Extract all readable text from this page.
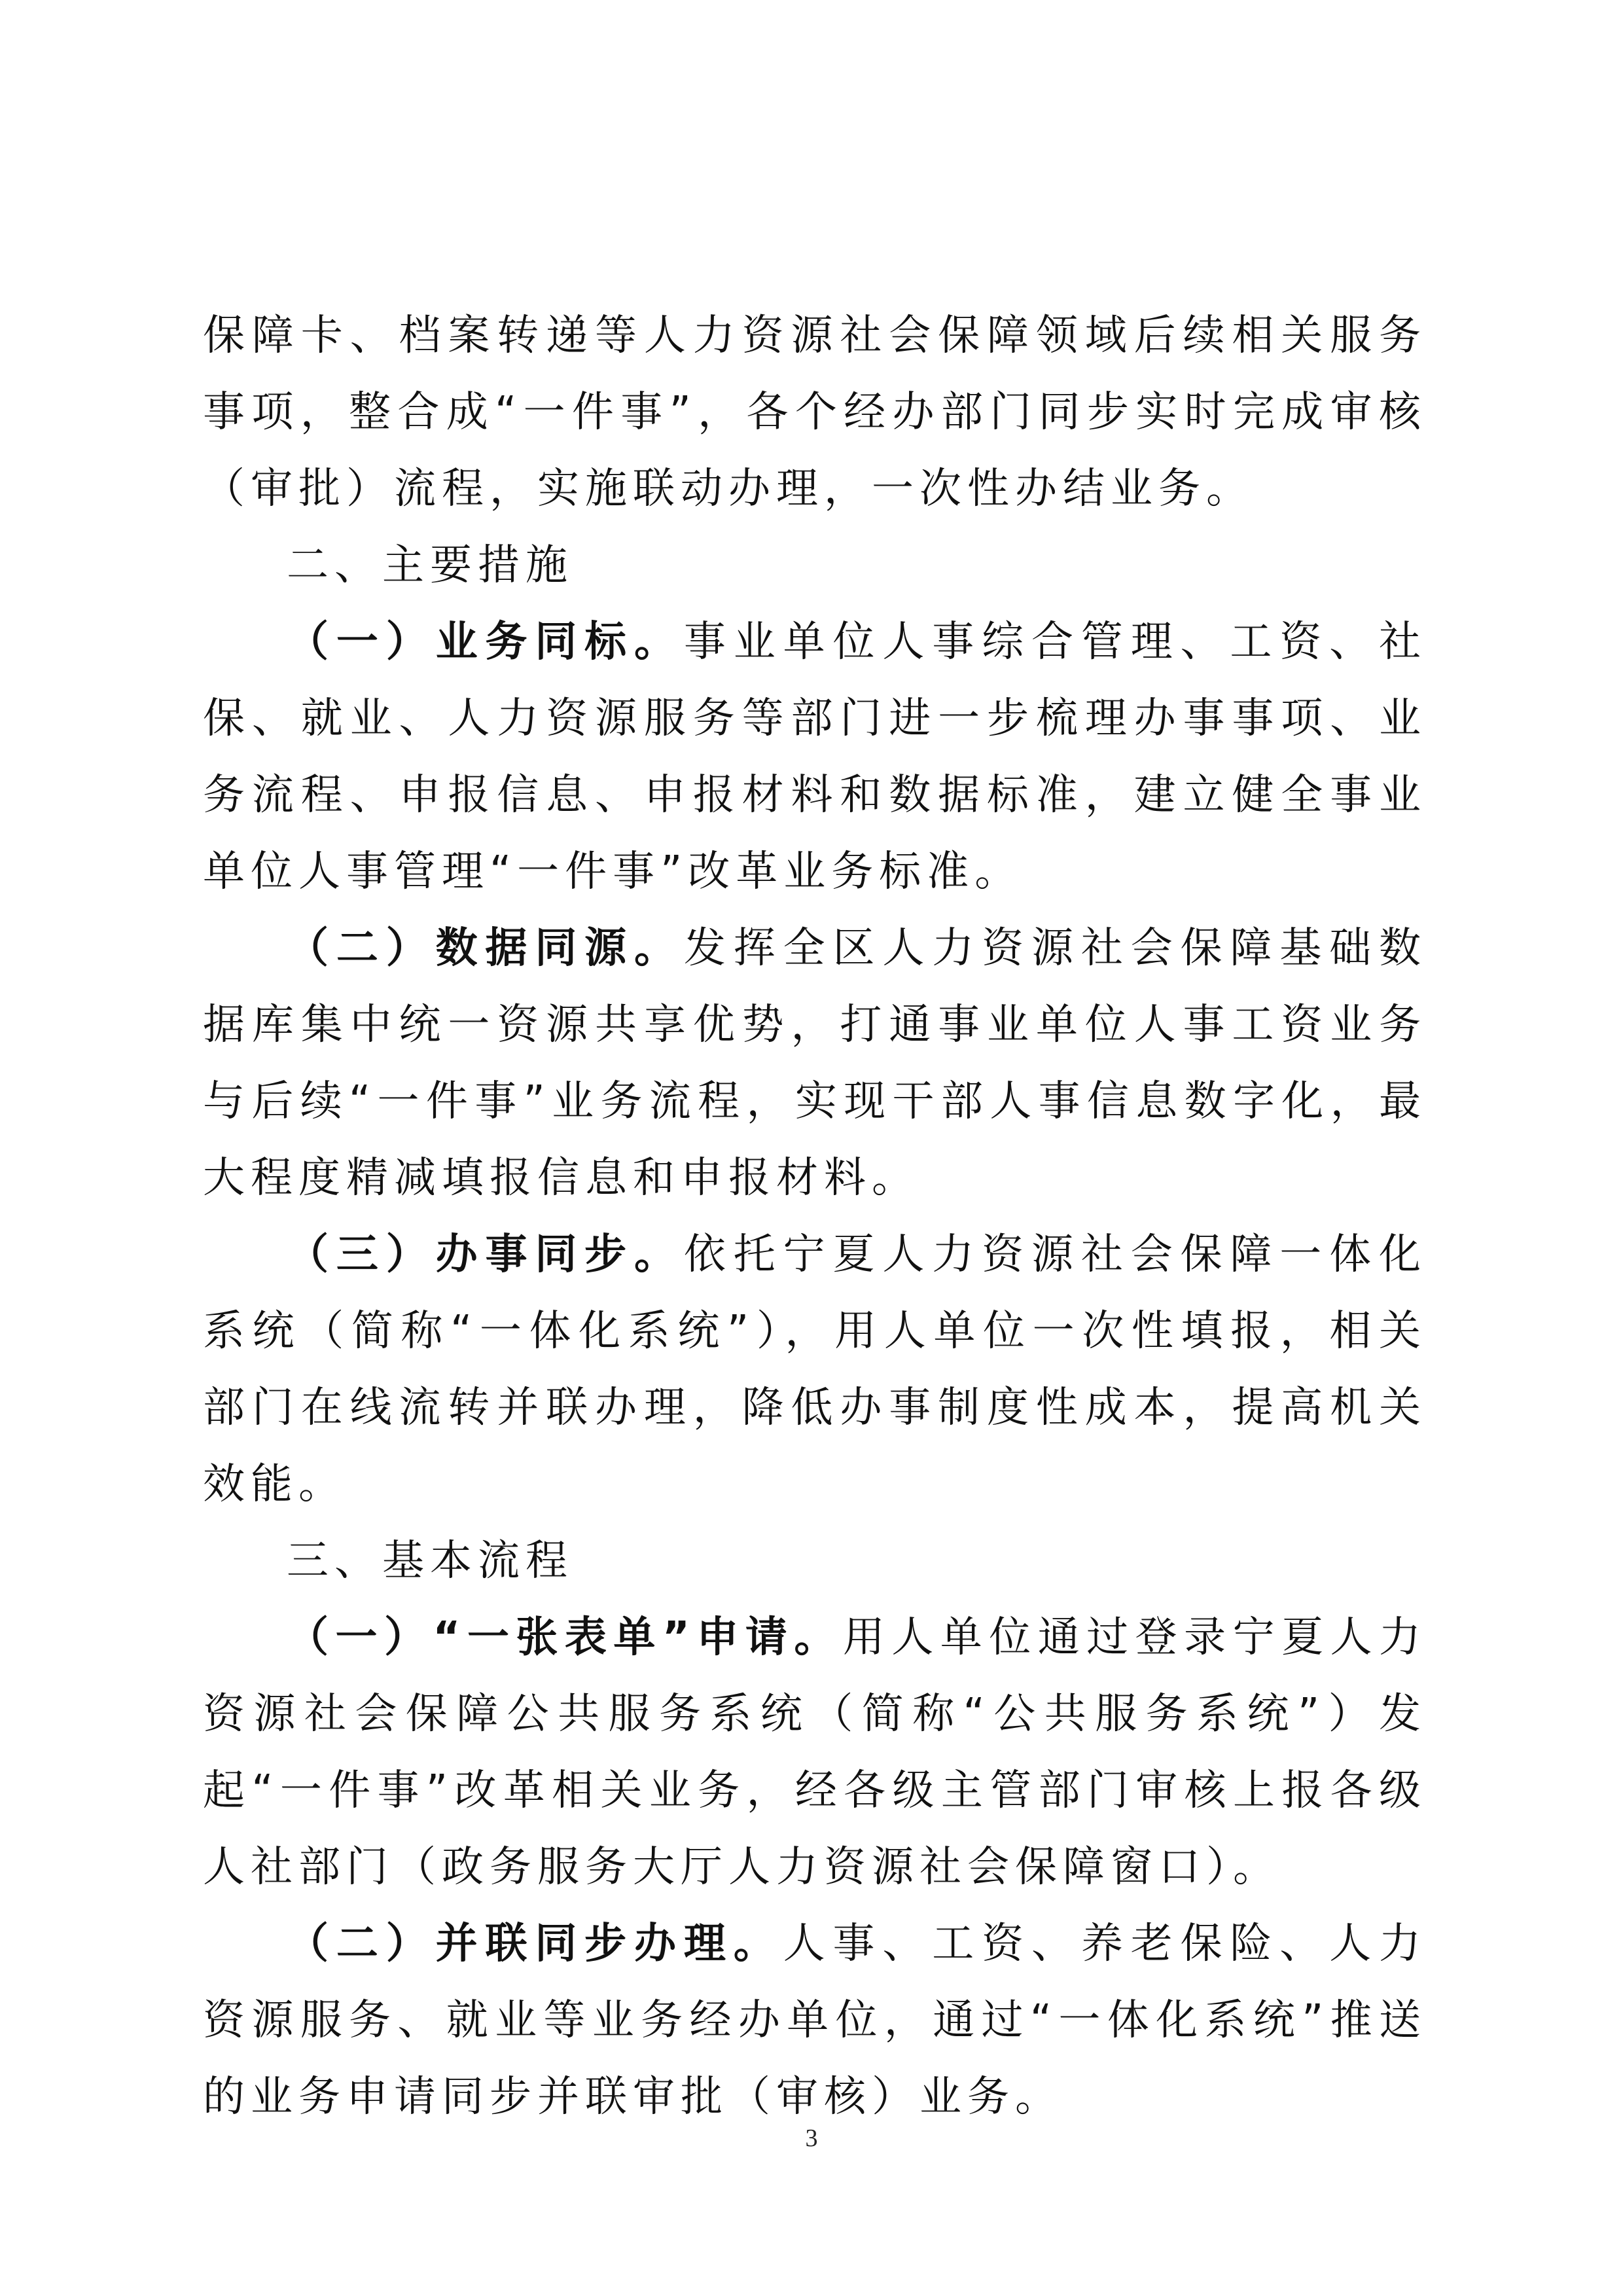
保障卡、档案转递等人力资源社会保障领域后续相关服务事项，整合成“一件事”，各个经办部门同步实时完成审核（审批）流程，实施联动办理，一次性办结业务。

二、主要措施

（一）业务同标。事业单位人事综合管理、工资、社保、就业、人力资源服务等部门进一步梳理办事事项、业务流程、申报信息、申报材料和数据标准，建立健全事业单位人事管理“一件事”改革业务标准。

（二）数据同源。发挥全区人力资源社会保障基础数据库集中统一资源共享优势，打通事业单位人事工资业务与后续“一件事”业务流程，实现干部人事信息数字化，最大程度精减填报信息和申报材料。

（三）办事同步。依托宁夏人力资源社会保障一体化系统（简称“一体化系统”），用人单位一次性填报，相关部门在线流转并联办理，降低办事制度性成本，提高机关效能。

三、基本流程

（一）“一张表单”申请。用人单位通过登录宁夏人力资源社会保障公共服务系统（简称“公共服务系统”）发起“一件事”改革相关业务，经各级主管部门审核上报各级人社部门（政务服务大厅人力资源社会保障窗口）。

（二）并联同步办理。人事、工资、养老保险、人力资源服务、就业等业务经办单位，通过“一体化系统”推送的业务申请同步并联审批（审核）业务。

3
